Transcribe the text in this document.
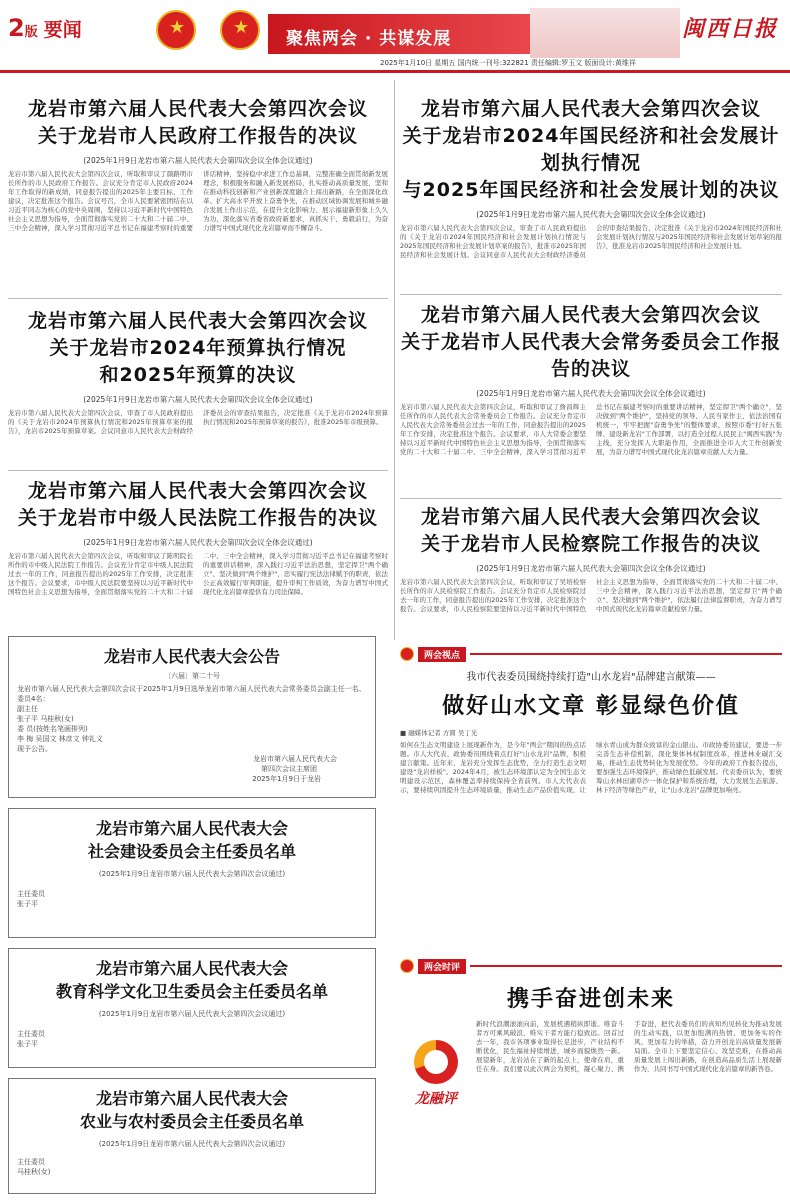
2版 要闻 ★ ★	聚焦两会 · 共谋发展	闽西日报
2025年1月10日 星期五 国内统一刊号:322821 责任编辑:罗玉文 版面设计:黄维祥
龙岩市第六届人民代表大会第四次会议
关于龙岩市人民政府工作报告的决议
(2025年1月9日龙岩市第六届人民代表大会第四次会议全体会议通过)
龙岩市第六届人民代表大会第四次会议，听取和审议了颜路明市长所作的市人民政府工作报告。会议充分肯定市人民政府2024年工作取得的新成绩，同意报告提出的2025年主要目标、工作建议，决定批准这个报告。会议号召，全市人民要紧密团结在以习近平同志为核心的党中央周围，坚持以习近平新时代中国特色社会主义思想为指导，全面贯彻落实党的二十大和二十届二中、三中全会精神，深入学习贯彻习近平总书记在福建考察时的重要讲话精神，坚持稳中求进工作总基调，完整准确全面贯彻新发展理念，积极服务和融入新发展格局，扎实推动高质量发展，坚和在推动科技创新和产业创新深度融合上闯出新路，在全面深化改革、扩大高水平开放上奋勇争先，在推动区域协调发展和城乡融合发展上作出示范，在提升文化影响力、展示福建新形象上久久为功，深化落实省委省政府新要求，真抓实干、勇毅前行，为奋力谱写中国式现代化龙岩篇章而不懈奋斗。
龙岩市第六届人民代表大会第四次会议
关于龙岩市2024年预算执行情况
和2025年预算的决议
(2025年1月9日龙岩市第六届人民代表大会第四次会议全体会议通过)
龙岩市第六届人民代表大会第四次会议，审查了市人民政府提出的《关于龙岩市2024年预算执行情况和2025年预算草案的报告》，龙岩市2025年预算草案。会议同意市人民代表大会财政经济委员会的审查结果报告，决定批准《关于龙岩市2024年预算执行情况和2025年预算草案的报告》，批准2025年市级预算。
龙岩市第六届人民代表大会第四次会议
关于龙岩市中级人民法院工作报告的决议
(2025年1月9日龙岩市第六届人民代表大会第四次会议全体会议通过)
龙岩市第六届人民代表大会第四次会议，听取和审议了陈明院长所作的市中级人民法院工作报告。会议充分肯定市中级人民法院过去一年的工作，同意报告提出的2025年工作安排，决定批准这个报告。会议要求，市中级人民法院要坚持以习近平新时代中国特色社会主义思想为指导，全面贯彻落实党的二十大和二十届二中、三中全会精神，深入学习贯彻习近平总书记在福建考察时的重要讲话精神，深入践行习近平法治思想，坚定捍卫"两个确立"、坚决做到"两个维护"，忠实履行宪法法律赋予的职责，依法公正高效履行审判职能，提升审判工作质效，为奋力谱写中国式现代化龙岩篇章提供有力司法保障。
龙岩市第六届人民代表大会第四次会议
关于龙岩市2024年国民经济和社会发展计划执行情况
与2025年国民经济和社会发展计划的决议
(2025年1月9日龙岩市第六届人民代表大会第四次会议全体会议通过)
龙岩市第六届人民代表大会第四次会议，审查了市人民政府提出的《关于龙岩市2024年国民经济和社会发展计划执行情况与2025年国民经济和社会发展计划草案的报告》，批准市2025年国民经济和社会发展计划。会议同意市人民代表大会财政经济委员会的审查结果报告，决定批准《关于龙岩市2024年国民经济和社会发展计划执行情况与2025年国民经济和社会发展计划草案的报告》，批准龙岩市2025年国民经济和社会发展计划。
龙岩市第六届人民代表大会第四次会议
关于龙岩市人民代表大会常务委员会工作报告的决议
(2025年1月9日龙岩市第六届人民代表大会第四次会议全体会议通过)
龙岩市第六届人民代表大会第四次会议，听取和审议了詹昌辉主任所作的市人民代表大会常务委员会工作报告。会议充分肯定市人民代表大会常务委员会过去一年的工作，同意报告提出的2025年工作安排，决定批准这个报告。会议要求，市人大常委会要坚持以习近平新时代中国特色社会主义思想为指导，全面贯彻落实党的二十大和二十届二中、三中全会精神，深入学习贯彻习近平总书记在福建考察时的重要讲话精神，坚定捍卫"两个确立"，坚决做到"两个维护"，坚持党的领导、人民当家作主、依法治国有机统一，牢牢把握"奋勇争先"的整体要求，按照市委"打好五张牌、建设新龙岩"工作部署，以打造全过程人民民主"闽西实践"为主线，充分发挥人大职能作用，全面推进全市人大工作创新发展，为奋力谱写中国式现代化龙岩篇章贡献人大力量。
龙岩市第六届人民代表大会第四次会议
关于龙岩市人民检察院工作报告的决议
(2025年1月9日龙岩市第六届人民代表大会第四次会议全体会议通过)
龙岩市第六届人民代表大会第四次会议，听取和审议了吴培检察长所作的市人民检察院工作报告。会议充分肯定市人民检察院过去一年的工作，同意报告提出的2025年工作安排，决定批准这个报告。会议要求，市人民检察院要坚持以习近平新时代中国特色社会主义思想为指导，全面贯彻落实党的二十大和二十届二中、三中全会精神，深入践行习近平法治思想，坚定捍卫"两个确立"、坚决做到"两个维护"，依法履行法律监督职责，为奋力谱写中国式现代化龙岩篇章贡献检察力量。
龙岩市人民代表大会公告
〔六届〕第二十号
龙岩市第六届人民代表大会第四次会议于2025年1月9日选举龙岩市第六届人民代表大会常务委员会副主任一名、委员4名：
副主任
张子平 马桂秋(女)
委 员(按姓名笔画排列)
李 梅 吴国文 林彦文 钟礼义
现予公告。
龙岩市第六届人民代表大会
第四次会议主席团
2025年1月9日于龙岩
龙岩市第六届人民代表大会
社会建设委员会主任委员名单
(2025年1月9日龙岩市第六届人民代表大会第四次会议通过)
主任委员
张子平
龙岩市第六届人民代表大会
教育科学文化卫生委员会主任委员名单
(2025年1月9日龙岩市第六届人民代表大会第四次会议通过)
主任委员
张子平
龙岩市第六届人民代表大会
农业与农村委员会主任委员名单
(2025年1月9日龙岩市第六届人民代表大会第四次会议通过)
主任委员
马桂秋(女)
两会视点
我市代表委员围绕持续打造"山水龙岩"品牌建言献策——
做好山水文章 彰显绿色价值
■ 融媒体记者 方圆 吴丁光
如何在生态文明建设上展现新作为，是今年"两会"期间的热点话题。市人大代表、政协委员围绕着点打好"山水龙岩"品牌，积极建言献策。近年来，龙岩充分发挥生态优势，全力打造生态文明建设"龙岩样板"。2024年4月，被生态环境部认定为全国生态文明建设示范区，森林覆盖率持续保持全省前列。市人大代表表示，要持续巩固提升生态环境质量，推动生态产品价值实现，让绿水青山成为群众致富的金山银山。市政协委员建议，要进一步完善生态补偿机制，深化集体林权制度改革，推进林业碳汇交易，推动生态优势转化为发展优势。今年的政府工作报告提出，要加强生态环境保护，推动绿色低碳发展。代表委员认为，要统筹山水林田湖草沙一体化保护和系统治理，大力发展生态旅游、林下经济等绿色产业，让"山水龙岩"品牌更加响亮。
两会时评
携手奋进创未来
龙融评
新时代浪潮滚滚向前，发展机遇稍纵即逝。唯奋斗者方可乘风破浪，唯实干者方能行稳致远。回首过去一年，我市各项事业取得长足进步，产业结构不断优化，民生福祉持续增进，城乡面貌焕然一新。展望新年，龙岩站在了新的起点上，使命在肩，重任在身。我们要以此次两会为契机，凝心聚力、携手奋进，把代表委员们的真知灼见转化为推动发展的生动实践，以更加饱满的热情、更加务实的作风、更加有力的举措，奋力开创龙岩高质量发展新局面。全市上下要坚定信心、攻坚克难，在推动高质量发展上闯出新路，在创造高品质生活上展现新作为，共同书写中国式现代化龙岩篇章的新答卷。
